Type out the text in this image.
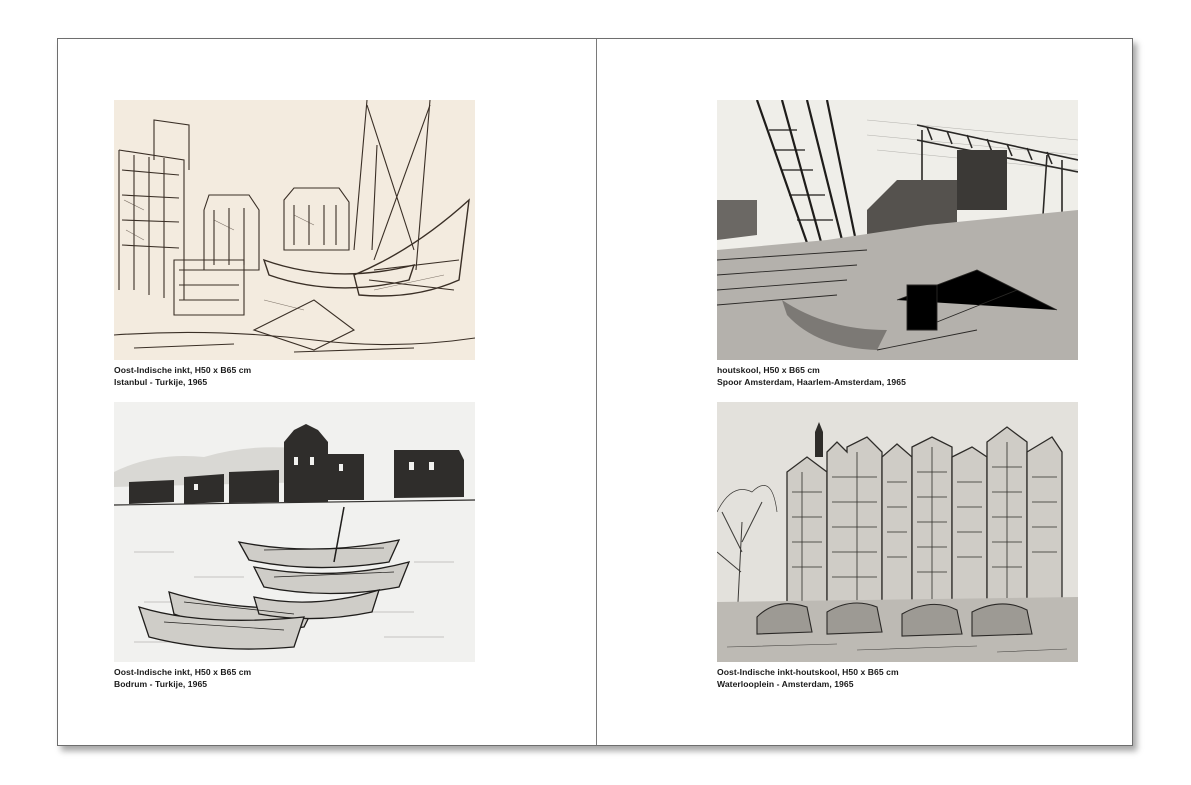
Oost-Indische inkt, H50 x B65 cm
Istanbul - Turkije, 1965
Oost-Indische inkt, H50 x B65 cm
Bodrum - Turkije, 1965
houtskool, H50 x B65 cm
Spoor Amsterdam, Haarlem-Amsterdam, 1965
Oost-Indische inkt-houtskool, H50 x B65 cm
Waterlooplein - Amsterdam, 1965
